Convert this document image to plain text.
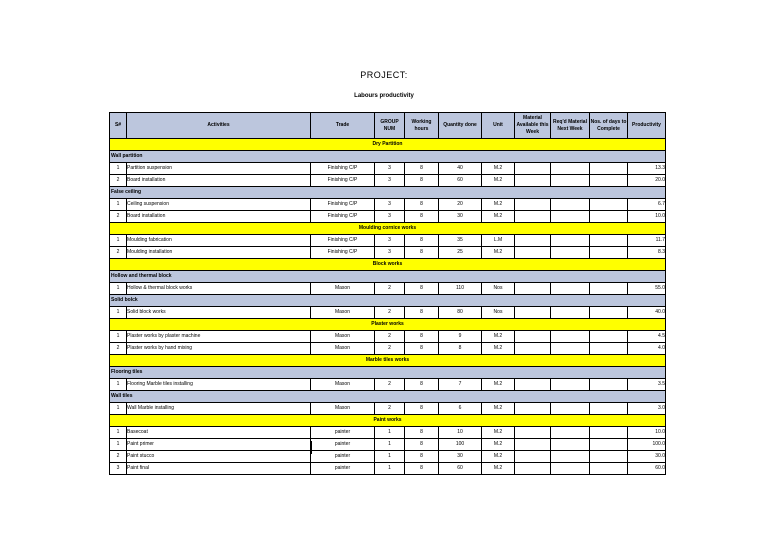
PROJECT:
Labours productivity
S#	Activities	Trade	GROUP NUM	Working hours	Quantity done	Unit	Material Available this Week	Req'd Material Next Week	Nos. of days to Complete	Productivity
Dry Partition										
Wall partition										
1	Partition suspension	Finishing C/P	3	8	40	M.2				13.3
2	Board installation	Finishing C/P	3	8	60	M.2				20.0
False ceiling										
1	Ceiling suspension	Finishing C/P	3	8	20	M.2				6.7
2	Board installation	Finishing C/P	3	8	30	M.2				10.0
Moulding cornice works										
1	Moulding fabrication	Finishing C/P	3	8	35	L.M				11.7
2	Moulding installation	Finishing C/P	3	8	25	M.2				8.3
Block works										
Hollow and thermal block										
1	Hollow & thermal block works	Mason	2	8	110	Nos				55.0
Solid bolck										
1	Solid block works	Mason	2	8	80	Nos				40.0
Plaster works										
1	Plaster works by plaster machine	Mason	2	8	9	M.2				4.5
2	Plaster works by hand mixing	Mason	2	8	8	M.2				4.0
Marble tiles works										
Flooring tiles										
1	Flooring Marble tiles installing	Mason	2	8	7	M.2				3.5
Wall tiles										
1	Wall Marble installing	Mason	2	8	6	M.2				3.0
Paint works										
1	Basecoat	painter	1	8	10	M.2				10.0
1	Paint primer	painter	1	8	100	M.2				100.0
2	Paint stucco	painter	1	8	30	M.2				30.0
3	Paint final	painter	1	8	60	M.2				60.0
